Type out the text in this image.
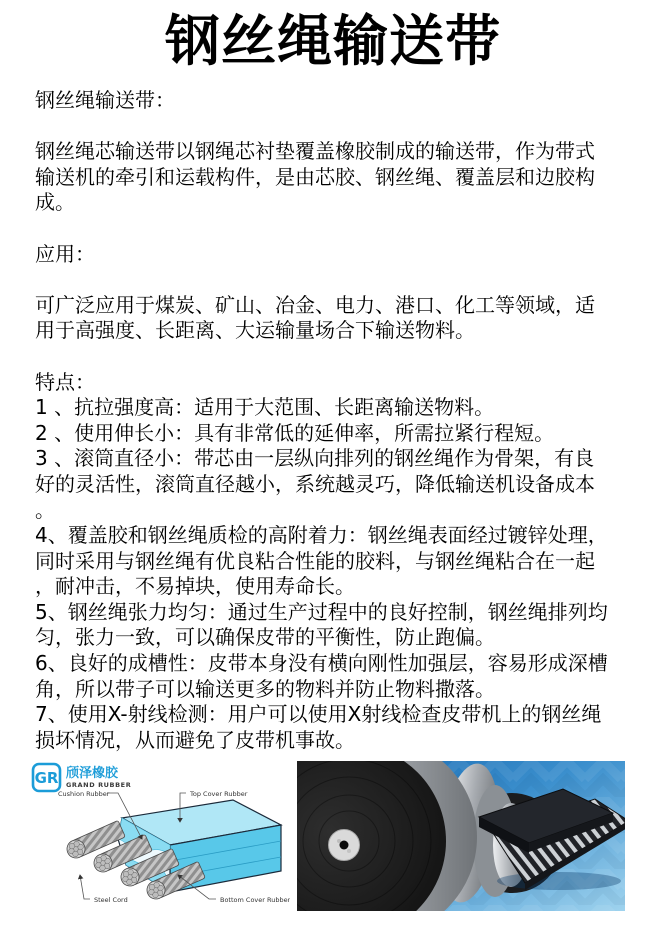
钢丝绳输送带

钢丝绳输送带：

钢丝绳芯输送带以钢绳芯衬垫覆盖橡胶制成的输送带，作为带式输送机的牵引和运载构件，是由芯胶、钢丝绳、覆盖层和边胶构成。

应用：

可广泛应用于煤炭、矿山、冶金、电力、港口、化工等领域，适用于高强度、长距离、大运输量场合下输送物料。

特点：

1 、抗拉强度高：适用于大范围、长距离输送物料。

2 、使用伸长小：具有非常低的延伸率，所需拉紧行程短。

3 、滚筒直径小：带芯由一层纵向排列的钢丝绳作为骨架，有良好的灵活性，滚筒直径越小，系统越灵巧，降低输送机设备成本。

4、覆盖胶和钢丝绳质检的高附着力：钢丝绳表面经过镀锌处理，同时采用与钢丝绳有优良粘合性能的胶料，与钢丝绳粘合在一起，耐冲击，不易掉块，使用寿命长。

5、钢丝绳张力均匀：通过生产过程中的良好控制，钢丝绳排列均匀，张力一致，可以确保皮带的平衡性，防止跑偏。

6、良好的成槽性：皮带本身没有横向刚性加强层，容易形成深槽角，所以带子可以输送更多的物料并防止物料撒落。

7、使用X-射线检测：用户可以使用X射线检查皮带机上的钢丝绳损坏情况，从而避免了皮带机事故。

GR 颀泽橡胶
GRAND RUBBER
Cushion Rubber	Top Cover Rubber
Steel Cord	Bottom Cover Rubber
